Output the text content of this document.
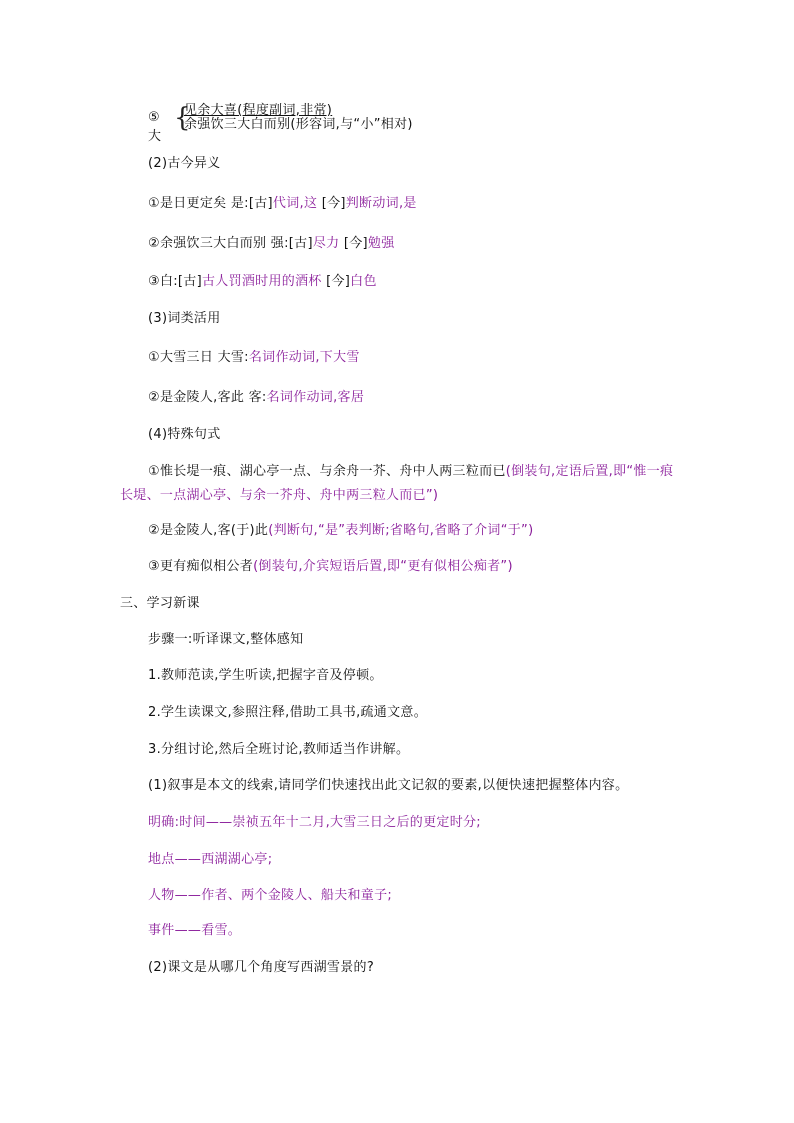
⑤大
{
见余大喜(程度副词,非常)
余强饮三大白而别(形容词,与“小”相对)
(2)古今异义
①是日更定矣 是:[古]代词,这 [今]判断动词,是
②余强饮三大白而别 强:[古]尽力 [今]勉强
③白:[古]古人罚酒时用的酒杯 [今]白色
(3)词类活用
①大雪三日 大雪:名词作动词,下大雪
②是金陵人,客此 客:名词作动词,客居
(4)特殊句式
①惟长堤一痕、湖心亭一点、与余舟一芥、舟中人两三粒而已(倒装句,定语后置,即“惟一痕长堤、一点湖心亭、与余一芥舟、舟中两三粒人而已”)
②是金陵人,客(于)此(判断句,“是”表判断;省略句,省略了介词“于”)
③更有痴似相公者(倒装句,介宾短语后置,即“更有似相公痴者”)
三、学习新课
步骤一:听译课文,整体感知
1.教师范读,学生听读,把握字音及停顿。
2.学生读课文,参照注释,借助工具书,疏通文意。
3.分组讨论,然后全班讨论,教师适当作讲解。
(1)叙事是本文的线索,请同学们快速找出此文记叙的要素,以便快速把握整体内容。
明确:时间——崇祯五年十二月,大雪三日之后的更定时分;
地点——西湖湖心亭;
人物——作者、两个金陵人、船夫和童子;
事件——看雪。
(2)课文是从哪几个角度写西湖雪景的?
